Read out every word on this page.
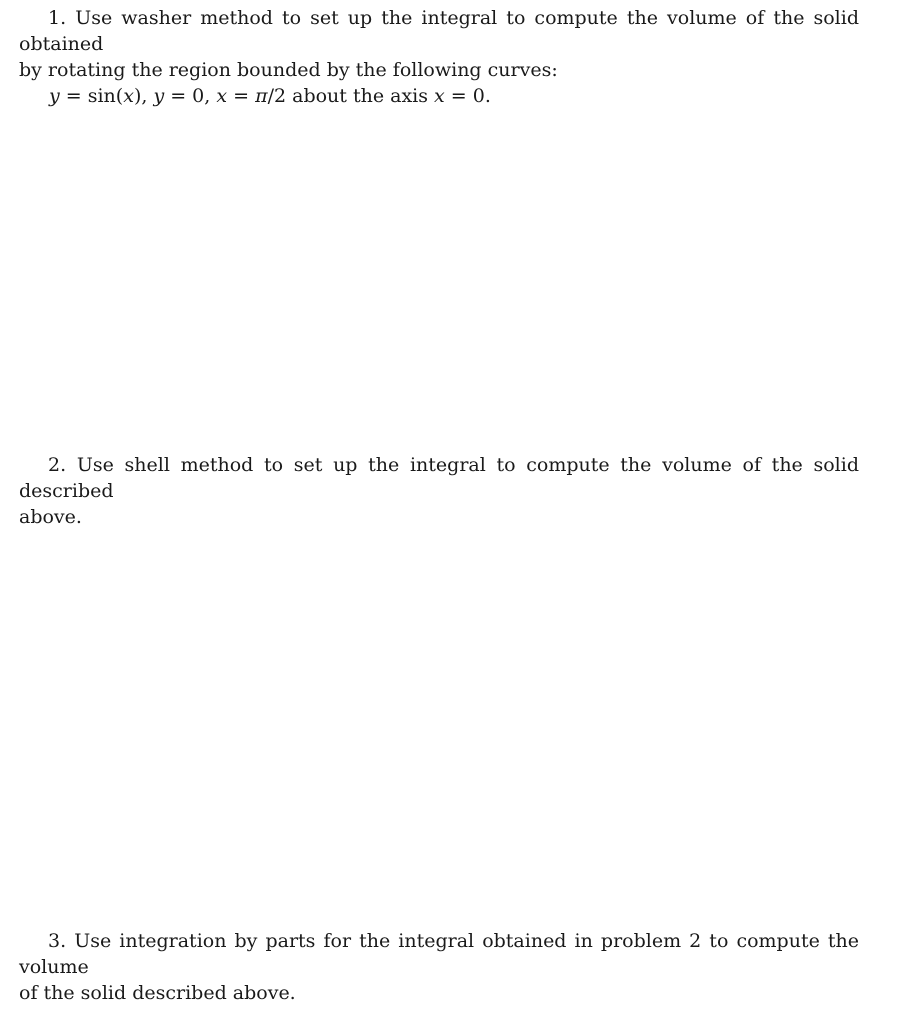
1. Use washer method to set up the integral to compute the volume of the solid obtained
by rotating the region bounded by the following curves:
y = sin(x), y = 0, x = π/2 about the axis x = 0.
2. Use shell method to set up the integral to compute the volume of the solid described
above.
3. Use integration by parts for the integral obtained in problem 2 to compute the volume
of the solid described above.
